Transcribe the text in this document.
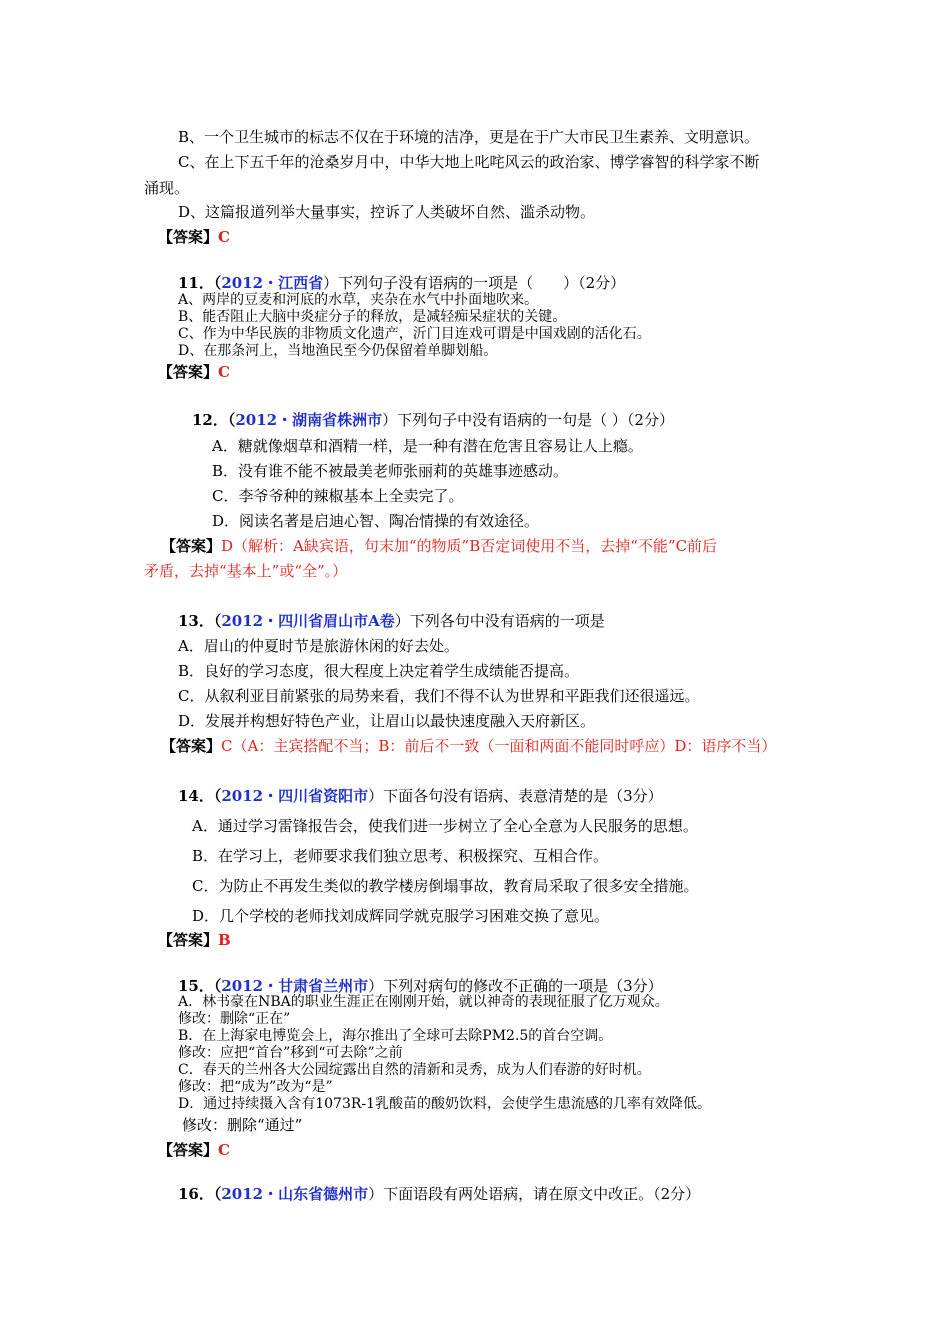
B、一个卫生城市的标志不仅在于环境的洁净，更是在于广大市民卫生素养、文明意识。
C、在上下五千年的沧桑岁月中，中华大地上叱咤风云的政治家、博学睿智的科学家不断
涌现。
D、这篇报道列举大量事实，控诉了人类破坏自然、滥杀动物。
【答案】C
11．（2012・江西省）下列句子没有语病的一项是（　　）（2分）
A、两岸的豆麦和河底的水草，夹杂在水气中扑面地吹来。
B、能否阻止大脑中炎症分子的释放，是减轻痴呆症状的关键。
C、作为中华民族的非物质文化遗产，沂门目连戏可谓是中国戏剧的活化石。
D、在那条河上，当地渔民至今仍保留着单脚划船。
【答案】C
12．（2012・湖南省株洲市）下列句子中没有语病的一句是（ ）（2分）
A．糖就像烟草和酒精一样，是一种有潜在危害且容易让人上瘾。
B．没有谁不能不被最美老师张丽莉的英雄事迹感动。
C．李爷爷种的辣椒基本上全卖完了。
D．阅读名著是启迪心智、陶冶情操的有效途径。
【答案】D（解析：A缺宾语，句末加“的物质”B否定词使用不当，去掉“不能”C前后
矛盾，去掉“基本上”或“全”。）
13．（2012・四川省眉山市A卷）下列各句中没有语病的一项是
A．眉山的仲夏时节是旅游休闲的好去处。
B．良好的学习态度，很大程度上决定着学生成绩能否提高。
C．从叙利亚目前紧张的局势来看，我们不得不认为世界和平距我们还很遥远。
D．发展并构想好特色产业，让眉山以最快速度融入天府新区。
【答案】C（A：主宾搭配不当；B：前后不一致（一面和两面不能同时呼应）D：语序不当）
14．（2012・四川省资阳市）下面各句没有语病、表意清楚的是（3分）
A．通过学习雷锋报告会，使我们进一步树立了全心全意为人民服务的思想。
B．在学习上，老师要求我们独立思考、积极探究、互相合作。
C．为防止不再发生类似的教学楼房倒塌事故，教育局采取了很多安全措施。
D．几个学校的老师找刘成辉同学就克服学习困难交换了意见。
【答案】B
15．（2012・甘肃省兰州市）下列对病句的修改不正确的一项是（3分）
A．林书豪在NBA的职业生涯正在刚刚开始，就以神奇的表现征服了亿万观众。
修改：删除“正在”
B．在上海家电博览会上，海尔推出了全球可去除PM2.5的首台空调。
修改：应把“首台”移到“可去除”之前
C．春天的兰州各大公园绽露出自然的清新和灵秀，成为人们春游的好时机。
修改：把“成为”改为“是”
D．通过持续摄入含有1073R-1乳酸苗的酸奶饮料，会使学生患流感的几率有效降低。
修改：删除“通过”
【答案】C
16．（2012・山东省德州市）下面语段有两处语病，请在原文中改正。（2分）
